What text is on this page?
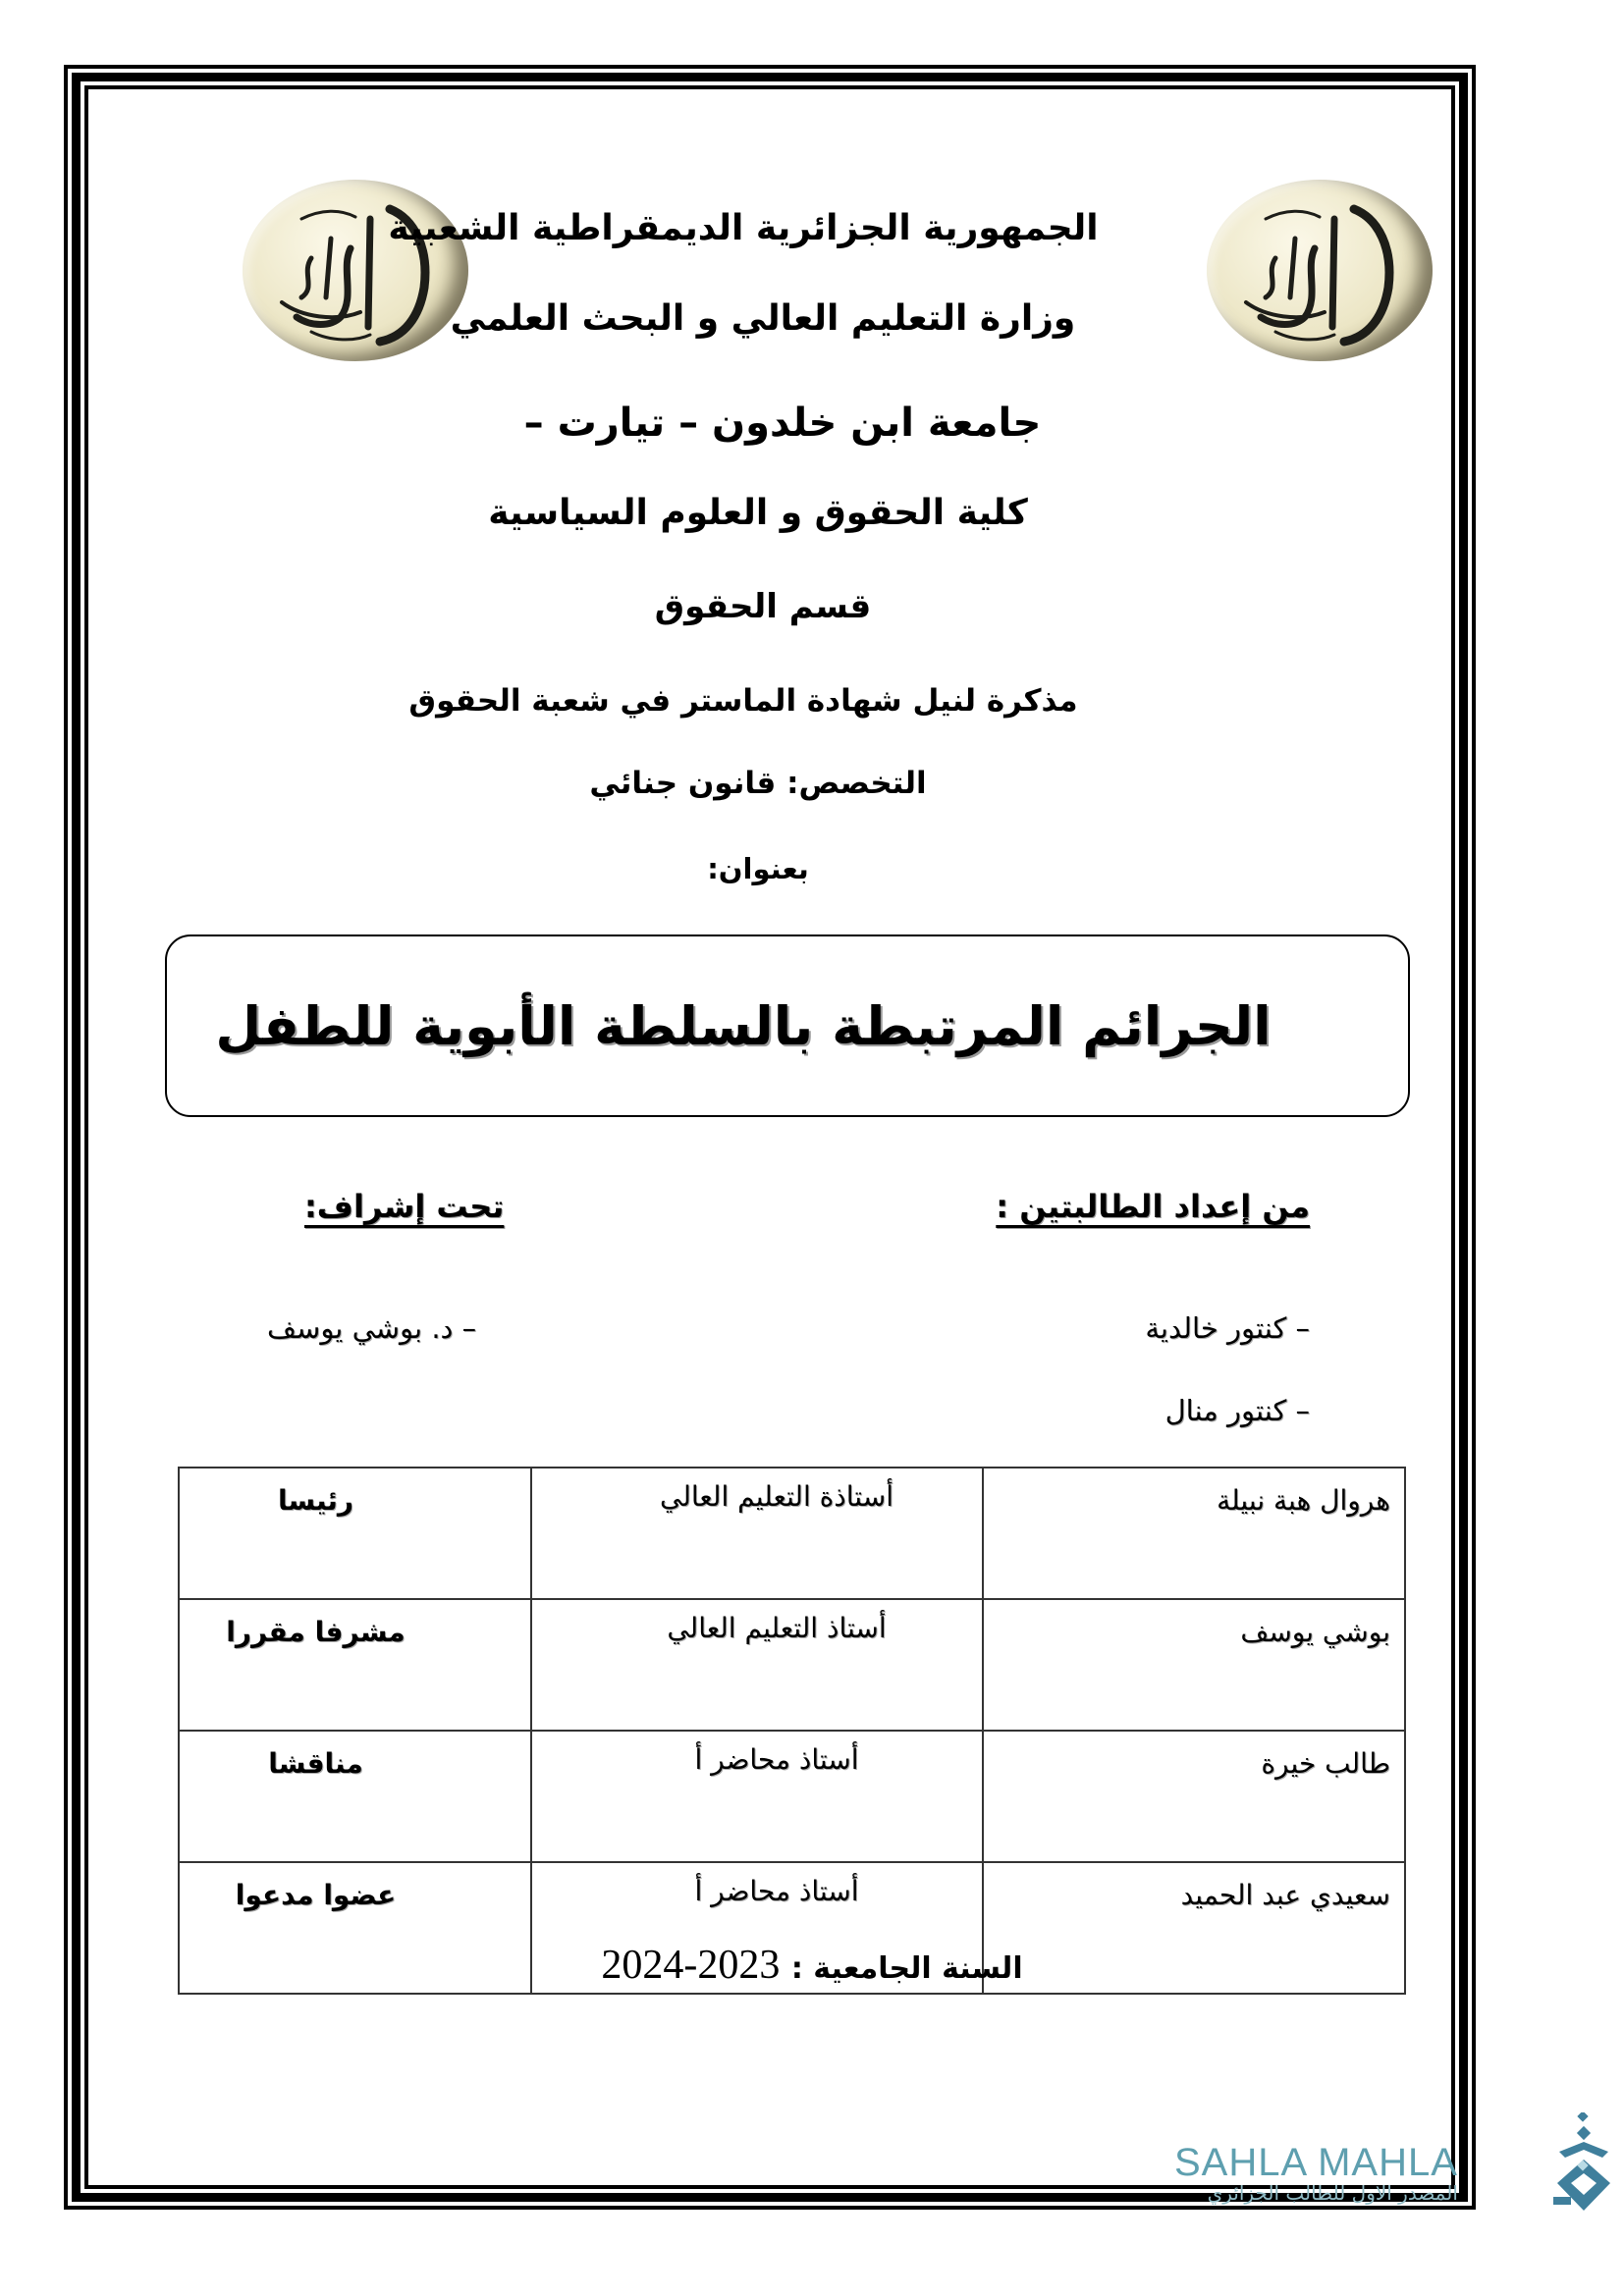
الجمهورية الجزائرية الديمقراطية الشعبية
وزارة التعليم العالي و البحث العلمي
جامعة ابن خلدون – تيارت –
كلية الحقوق و العلوم السياسية
قسم الحقوق
مذكرة لنيل شهادة الماستر في شعبة الحقوق
التخصص: قانون جنائي
بعنوان:
الجرائم المرتبطة بالسلطة الأبوية للطفل
من إعداد الطالبتين :
تحت إشراف:
– كنتور خالدية
– كنتور منال
– د. بوشي يوسف
هروال هبة نبيلة	أستاذة التعليم العالي	رئيسا
بوشي يوسف	أستاذ التعليم العالي	مشرفا مقررا
طالب خيرة	أستاذ محاضر أ	مناقشا
سعيدي عبد الحميد	أستاذ محاضر أ	عضوا مدعوا
2024-2023 السنة الجامعية :
SAHLA MAHLA
المصدر الاول للطالب الجزائري
